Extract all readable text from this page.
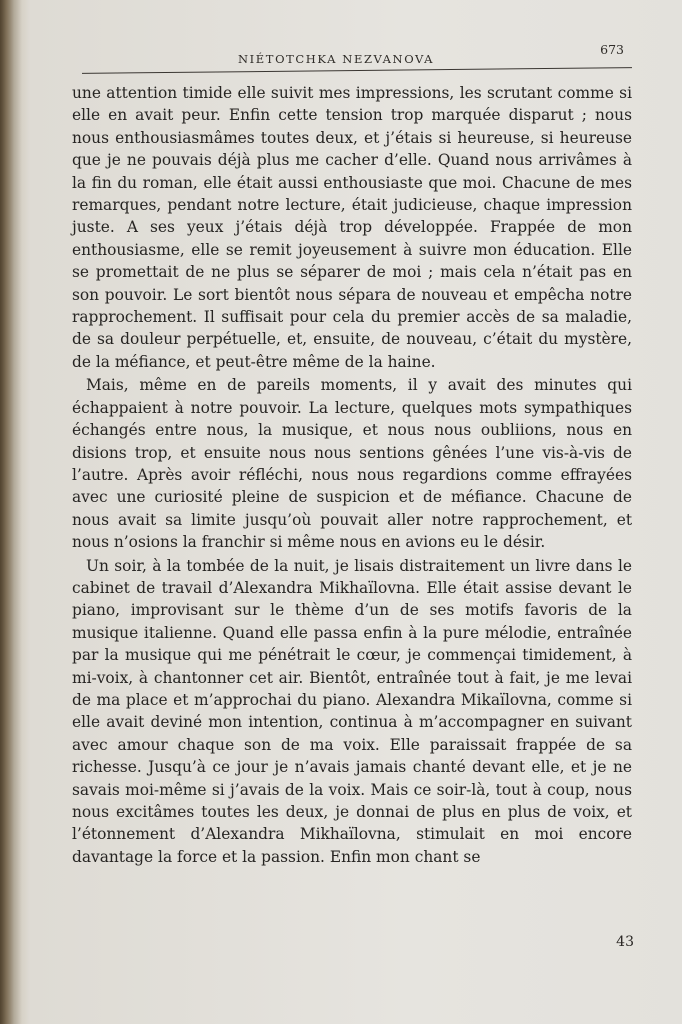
NIÉTOTCHKA NEZVANOVA
673

une attention timide elle suivit mes impressions, les scrutant comme si elle en avait peur. Enfin cette tension trop marquée disparut ; nous nous enthousiasmâmes toutes deux, et j’étais si heureuse, si heureuse que je ne pouvais déjà plus me cacher d’elle. Quand nous arrivâmes à la fin du roman, elle était aussi enthousiaste que moi. Chacune de mes remarques, pendant notre lecture, était judicieuse, chaque impression juste. A ses yeux j’étais déjà trop développée. Frappée de mon enthousiasme, elle se remit joyeusement à suivre mon éducation. Elle se promettait de ne plus se séparer de moi ; mais cela n’était pas en son pouvoir. Le sort bientôt nous sépara de nouveau et empêcha notre rapprochement. Il suffisait pour cela du premier accès de sa maladie, de sa douleur perpétuelle, et, ensuite, de nouveau, c’était du mystère, de la méfiance, et peut-être même de la haine.

Mais, même en de pareils moments, il y avait des minutes qui échappaient à notre pouvoir. La lecture, quelques mots sympathiques échangés entre nous, la musique, et nous nous oubliions, nous en disions trop, et ensuite nous nous sentions gênées l’une vis-à-vis de l’autre. Après avoir réfléchi, nous nous regardions comme effrayées avec une curiosité pleine de suspicion et de méfiance. Chacune de nous avait sa limite jusqu’où pouvait aller notre rapprochement, et nous n’osions la franchir si même nous en avions eu le désir.

Un soir, à la tombée de la nuit, je lisais distraitement un livre dans le cabinet de travail d’Alexandra Mikhaïlovna. Elle était assise devant le piano, improvisant sur le thème d’un de ses motifs favoris de la musique italienne. Quand elle passa enfin à la pure mélodie, entraînée par la musique qui me pénétrait le cœur, je commençai timidement, à mi-voix, à chantonner cet air. Bientôt, entraînée tout à fait, je me levai de ma place et m’approchai du piano. Alexandra Mikaïlovna, comme si elle avait deviné mon intention, continua à m’accompagner en suivant avec amour chaque son de ma voix. Elle paraissait frappée de sa richesse. Jusqu’à ce jour je n’avais jamais chanté devant elle, et je ne savais moi-même si j’avais de la voix. Mais ce soir-là, tout à coup, nous nous excitâmes toutes les deux, je donnai de plus en plus de voix, et l’étonnement d’Alexandra Mikhaïlovna, stimulait en moi encore davantage la force et la passion. Enfin mon chant se

43
